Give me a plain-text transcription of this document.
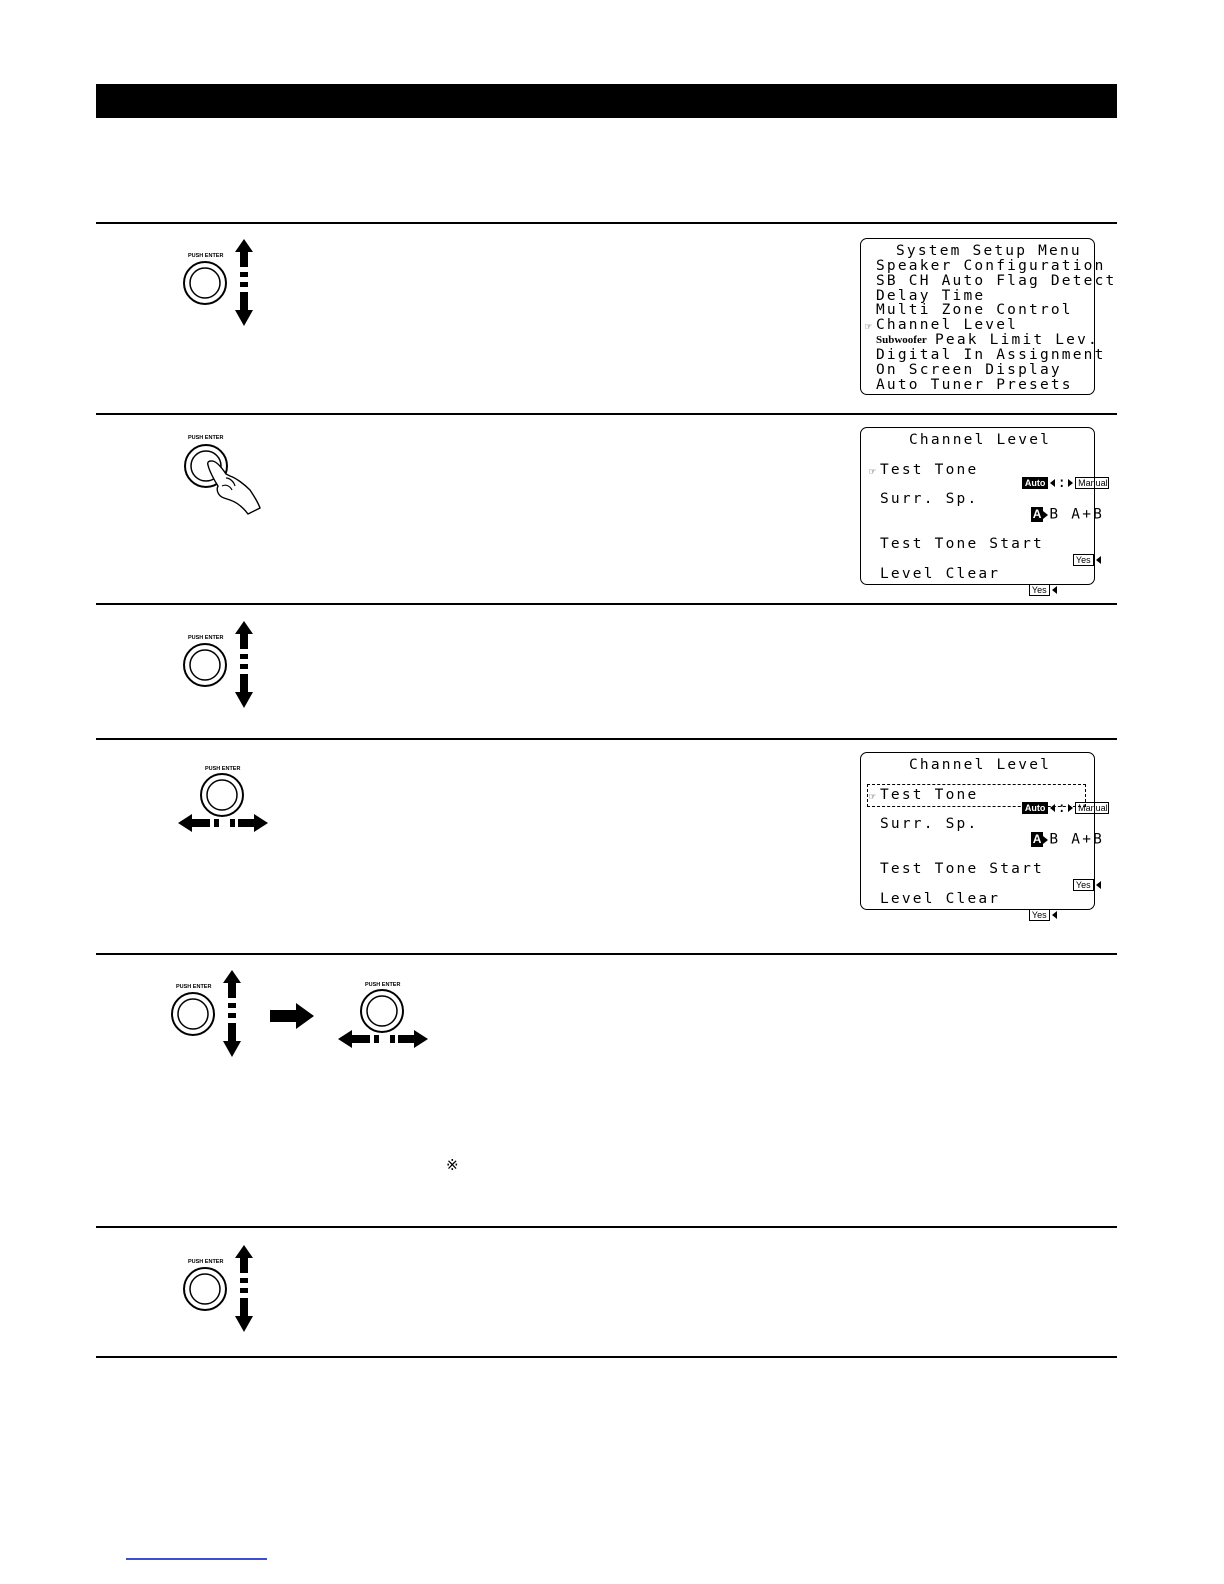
PUSH ENTER	System Setup Menu
Speaker Configuration
SB CH Auto Flag Detect
Delay Time
Multi Zone Control
☞ Channel Level
Subwoofer Peak Limit Lev.
Digital In Assignment
On Screen Display
Auto Tuner Presets
PUSH ENTER	Channel Level
☞ Test Tone

Auto : Manual

Surr. Sp.

A B A+B

Test Tone Start

Yes

Level Clear

Yes

PUSH ENTER
PUSH ENTER	Channel Level
☞ Test Tone

Auto : Manual

Surr. Sp.

A B A+B

Test Tone Start

Yes

Level Clear

Yes

PUSH ENTER	PUSH ENTER
※
PUSH ENTER
